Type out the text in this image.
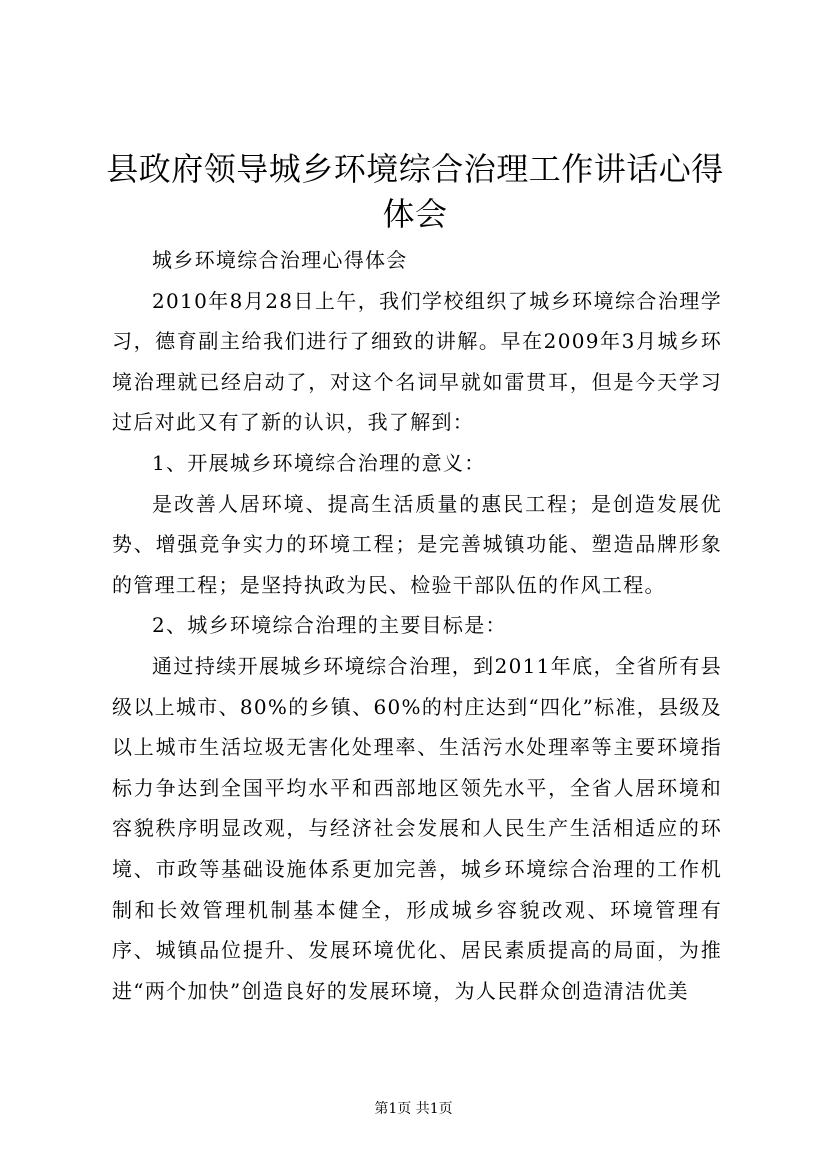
县政府领导城乡环境综合治理工作讲话心得体会

城乡环境综合治理心得体会

2010年8月28日上午，我们学校组织了城乡环境综合治理学习，德育副主给我们进行了细致的讲解。早在2009年3月城乡环境治理就已经启动了，对这个名词早就如雷贯耳，但是今天学习过后对此又有了新的认识，我了解到：

1、开展城乡环境综合治理的意义：

是改善人居环境、提高生活质量的惠民工程；是创造发展优势、增强竞争实力的环境工程；是完善城镇功能、塑造品牌形象的管理工程；是坚持执政为民、检验干部队伍的作风工程。

2、城乡环境综合治理的主要目标是：

通过持续开展城乡环境综合治理，到2011年底，全省所有县级以上城市、80%的乡镇、60%的村庄达到“四化”标准，县级及以上城市生活垃圾无害化处理率、生活污水处理率等主要环境指标力争达到全国平均水平和西部地区领先水平，全省人居环境和容貌秩序明显改观，与经济社会发展和人民生产生活相适应的环境、市政等基础设施体系更加完善，城乡环境综合治理的工作机制和长效管理机制基本健全，形成城乡容貌改观、环境管理有序、城镇品位提升、发展环境优化、居民素质提高的局面，为推进“两个加快”创造良好的发展环境，为人民群众创造清洁优美

第1页 共1页
